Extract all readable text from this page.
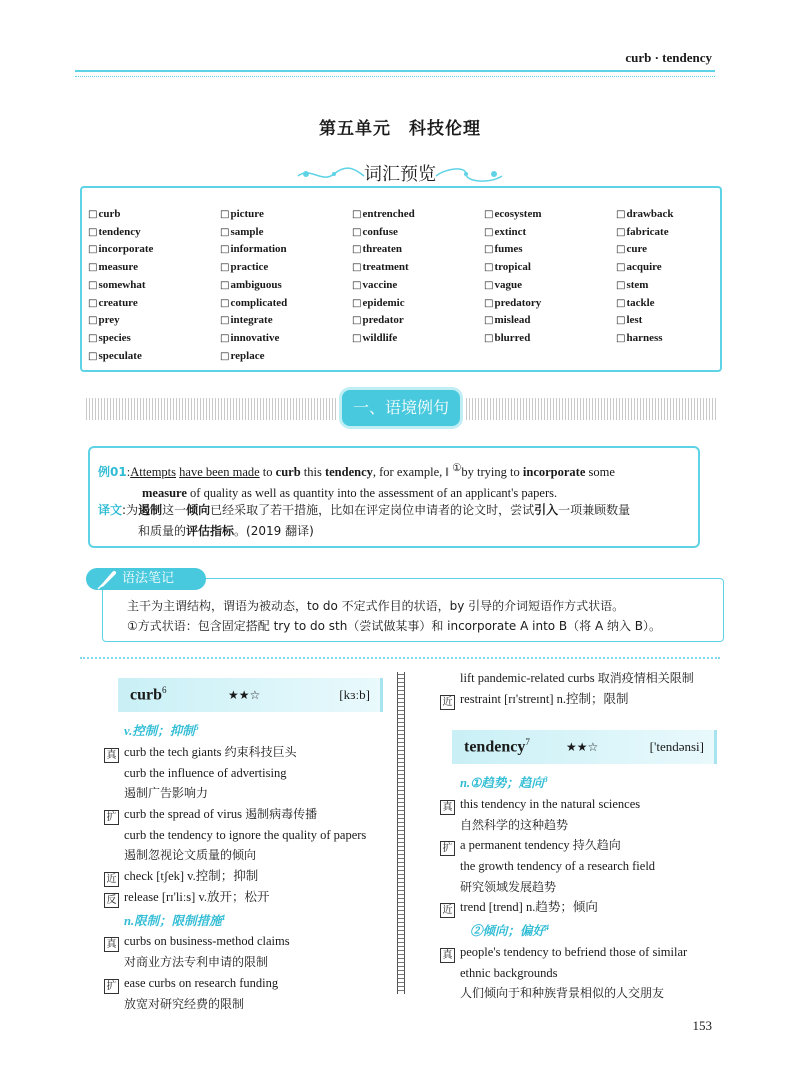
curb · tendency
第五单元　科技伦理
词汇预览
□ curb
□ tendency
□ incorporate
□ measure
□ somewhat
□ creature
□ prey
□ species
□ speculate
□ picture
□ sample
□ information
□ practice
□ ambiguous
□ complicated
□ integrate
□ innovative
□ replace
□ entrenched
□ confuse
□ threaten
□ treatment
□ vaccine
□ epidemic
□ predator
□ wildlife
□ ecosystem
□ extinct
□ fumes
□ tropical
□ vague
□ predatory
□ mislead
□ blurred
□ drawback
□ fabricate
□ cure
□ acquire
□ stem
□ tackle
□ lest
□ harness
一、语境例句
例01:Attempts have been made to curb this tendency, for example, ‖ ①by trying to incorporate some
measure of quality as well as quantity into the assessment of an applicant's papers.
译文:为遏制这一倾向已经采取了若干措施，比如在评定岗位申请者的论文时，尝试引入一项兼顾数量
和质量的评估指标。(2019 翻译)
主干为主谓结构，谓语为被动态，to do 不定式作目的状语，by 引导的介词短语作方式状语。
①方式状语：包含固定搭配 try to do sth（尝试做某事）和 incorporate A into B（将 A 纳入 B）。
语法笔记
curb$^6$	★★☆	[kɜːb]
v.控制；抑制$^5$
真 curb the tech giants 约束科技巨头
curb the influence of advertising
遏制广告影响力
扩 curb the spread of virus 遏制病毒传播
curb the tendency to ignore the quality of papers
遏制忽视论文质量的倾向
近 check [tʃek] v.控制；抑制
反 release [rɪ'liːs] v.放开；松开
n.限制；限制措施$^1$
真 curbs on business-method claims
对商业方法专利申请的限制
扩 ease curbs on research funding
放宽对研究经费的限制
lift pandemic-related curbs 取消疫情相关限制
近 restraint [rɪ'streɪnt] n.控制；限制
tendency$^7$	★★☆	['tendənsi]
n.①趋势；趋向$^3$
真 this tendency in the natural sciences
自然科学的这种趋势
扩 a permanent tendency 持久趋向
the growth tendency of a research field
研究领域发展趋势
近 trend [trend] n.趋势；倾向
②倾向；偏好$^4$
真 people's tendency to befriend those of similar
ethnic backgrounds
人们倾向于和种族背景相似的人交朋友
153
